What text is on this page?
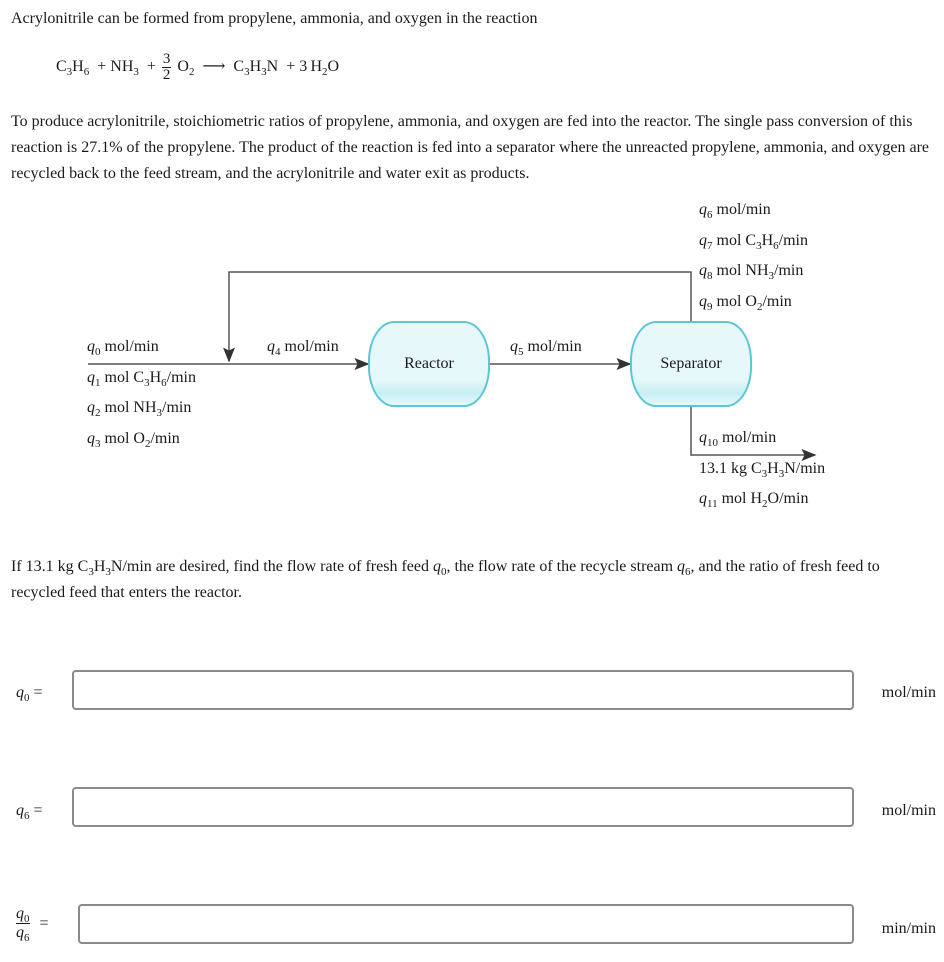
Acrylonitrile can be formed from propylene, ammonia, and oxygen in the reaction
$C_3H_6 + NH_3 + \frac{3}{2} O_2$ ⟶ $C_3H_3N + 3$  $H_2O$
To produce acrylonitrile, stoichiometric ratios of propylene, ammonia, and oxygen are fed into the reactor. The single pass conversion of this reaction is 27.1% of the propylene. The product of the reaction is fed into a separator where the unreacted propylene, ammonia, and oxygen are recycled back to the feed stream, and the acrylonitrile and water exit as products.
Reactor	Separator
$q_0$ mol/min
$q_1$ mol $C_3H_6/\min$
$q_2$ mol $NH_3/\min$
$q_3$ mol $O_2/\min$
$q_4$ mol/min	$q_5$ mol/min
$q_6$ mol/min
$q_7$ mol $C_3H_6/\min$
$q_8$ mol $NH_3/\min$
$q_9$ mol $O_2/\min$
$q_{10}$ mol/min
13.1 kg $C_3H_3N/\min$
$q_{11}$ mol $H_2O/\min$
If 13.1 kg $C_3H_3N/\min$ are desired, find the flow rate of fresh feed $q_0$, the flow rate of the recycle stream $q_6$, and the ratio of fresh feed to recycled feed that enters the reactor.
$q_0$ =	mol/min
$q_6$ =	mol/min
$\frac{q_0}{q_6}$ =	min/min
